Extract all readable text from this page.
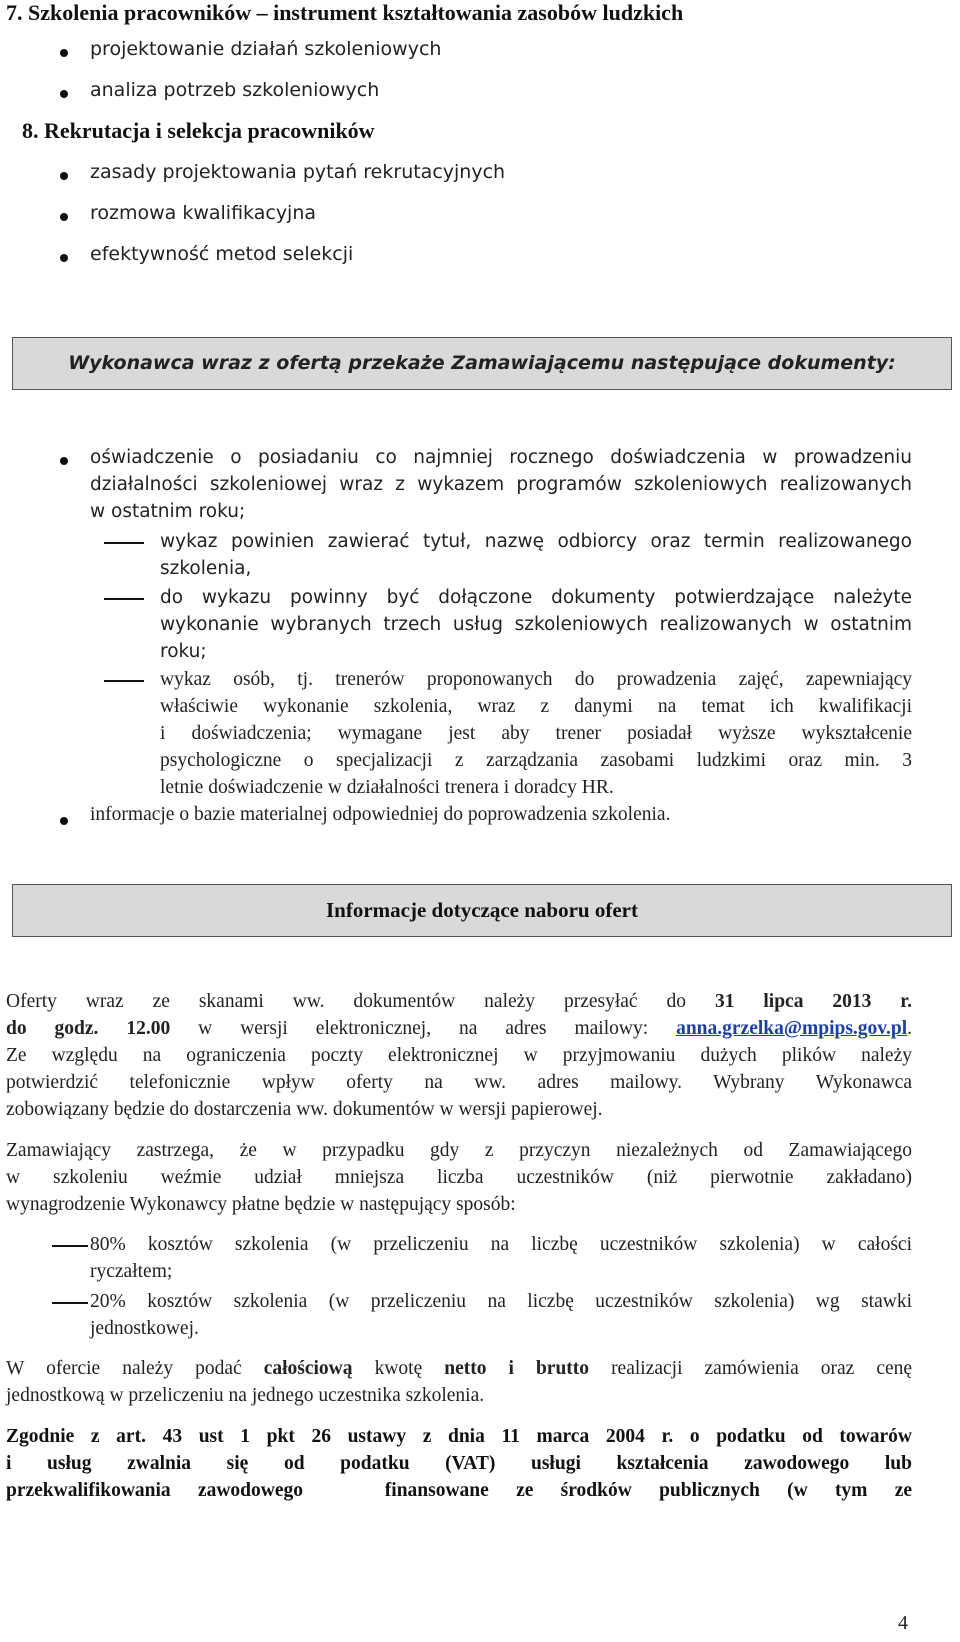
7. Szkolenia pracowników – instrument kształtowania zasobów ludzkich
projektowanie działań szkoleniowych
analiza potrzeb szkoleniowych
8. Rekrutacja i selekcja pracowników
zasady projektowania pytań rekrutacyjnych
rozmowa kwalifikacyjna
efektywność metod selekcji
Wykonawca wraz z ofertą przekaże Zamawiającemu następujące dokumenty:
oświadczenie o posiadaniu co najmniej rocznego doświadczenia w prowadzeniu
działalności szkoleniowej wraz z wykazem programów szkoleniowych realizowanych
w ostatnim roku;
wykaz powinien zawierać tytuł, nazwę odbiorcy oraz termin realizowanego
szkolenia,
do wykazu powinny być dołączone dokumenty potwierdzające należyte
wykonanie wybranych trzech usług szkoleniowych realizowanych w ostatnim
roku;
wykaz osób, tj. trenerów proponowanych do prowadzenia zajęć, zapewniający
właściwie wykonanie szkolenia, wraz z danymi na temat ich kwalifikacji
i doświadczenia; wymagane jest aby trener posiadał wyższe wykształcenie
psychologiczne o specjalizacji z zarządzania zasobami ludzkimi oraz min. 3
letnie doświadczenie w działalności trenera i doradcy HR.
informacje o bazie materialnej odpowiedniej do poprowadzenia szkolenia.
Informacje dotyczące naboru ofert
Oferty wraz ze skanami ww. dokumentów należy przesyłać do 31 lipca 2013 r.
do godz. 12.00 w wersji elektronicznej, na adres mailowy: anna.grzelka@mpips.gov.pl.
Ze względu na ograniczenia poczty elektronicznej w przyjmowaniu dużych plików należy
potwierdzić telefonicznie wpływ oferty na ww. adres mailowy. Wybrany Wykonawca
zobowiązany będzie do dostarczenia ww. dokumentów w wersji papierowej.
Zamawiający zastrzega, że w przypadku gdy z przyczyn niezależnych od Zamawiającego
w szkoleniu weźmie udział mniejsza liczba uczestników (niż pierwotnie zakładano)
wynagrodzenie Wykonawcy płatne będzie w następujący sposób:
80% kosztów szkolenia (w przeliczeniu na liczbę uczestników szkolenia) w całości
ryczałtem;
20% kosztów szkolenia (w przeliczeniu na liczbę uczestników szkolenia) wg stawki
jednostkowej.
W ofercie należy podać całościową kwotę netto i brutto realizacji zamówienia oraz cenę
jednostkową w przeliczeniu na jednego uczestnika szkolenia.
Zgodnie z art. 43 ust 1 pkt 26 ustawy z dnia 11 marca 2004 r. o podatku od towarów
i usług zwalnia się od podatku (VAT) usługi kształcenia zawodowego lub
przekwalifikowania zawodowego   finansowane ze środków publicznych (w tym ze
4
